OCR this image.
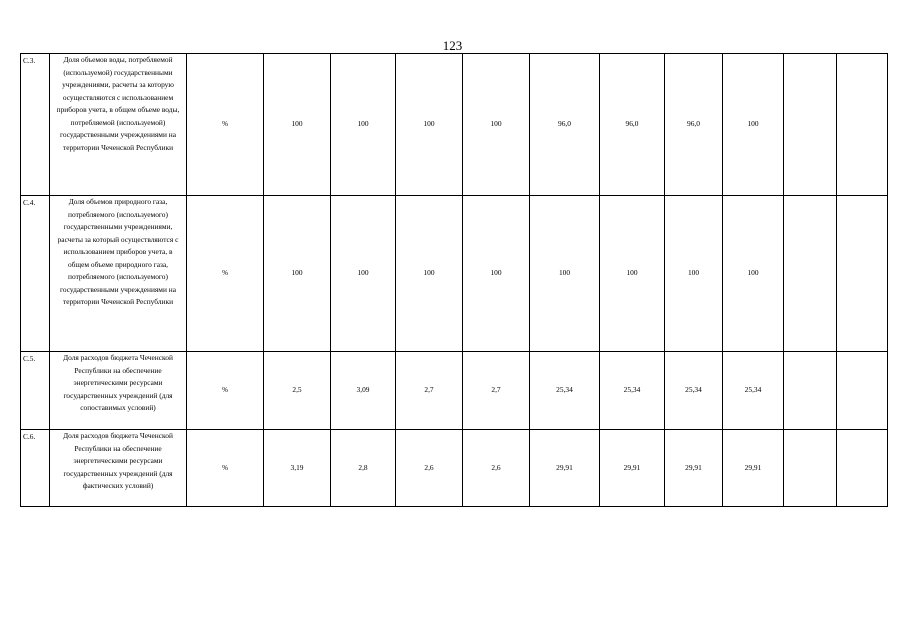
123
С.3.	Доля объемов воды, потребляемой (используемой) государственными учреждениями, расчеты за которую осуществляются с использованием приборов учета, в общем объеме воды, потребляемой (используемой) государственными учреждениями на территории Чеченской Республики	%	100	100	100	100	96,0	96,0	96,0	100		
С.4.	Доля объемов природного газа, потребляемого (используемого) государственными учреждениями, расчеты за который осуществляются с использованием приборов учета, в общем объеме природного газа, потребляемого (используемого) государственными учреждениями на территории Чеченской Республики	%	100	100	100	100	100	100	100	100		
С.5.	Доля расходов бюджета Чеченской Республики на обеспечение энергетическими ресурсами государственных учреждений (для сопоставимых условий)	%	2,5	3,09	2,7	2,7	25,34	25,34	25,34	25,34		
С.6.	Доля расходов бюджета Чеченской Республики на обеспечение энергетическими ресурсами государственных учреждений (для фактических условий)	%	3,19	2,8	2,6	2,6	29,91	29,91	29,91	29,91		
